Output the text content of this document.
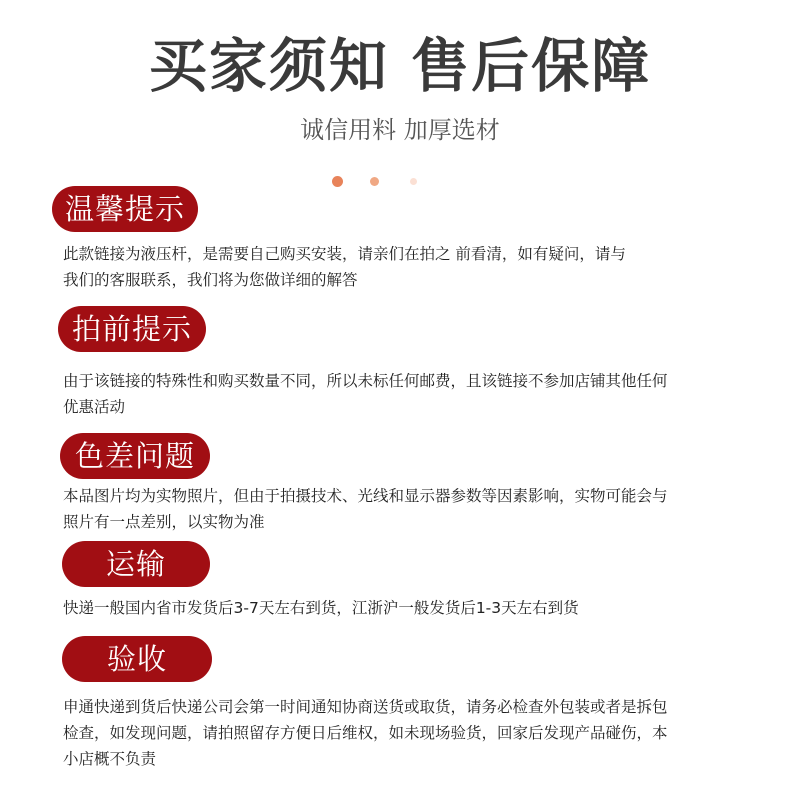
买家须知 售后保障
诚信用料 加厚选材
温馨提示
此款链接为液压杆，是需要自己购买安装，请亲们在拍之 前看清，如有疑问，请与
我们的客服联系，我们将为您做详细的解答
拍前提示
由于该链接的特殊性和购买数量不同，所以未标任何邮费，且该链接不参加店铺其他任何
优惠活动
色差问题
本品图片均为实物照片，但由于拍摄技术、光线和显示器参数等因素影响，实物可能会与
照片有一点差别，以实物为准
运输
快递一般国内省市发货后3-7天左右到货，江浙沪一般发货后1-3天左右到货
验收
申通快递到货后快递公司会第一时间通知协商送货或取货，请务必检查外包装或者是拆包
检查，如发现问题，请拍照留存方便日后维权，如未现场验货，回家后发现产品碰伤，本
小店概不负责
